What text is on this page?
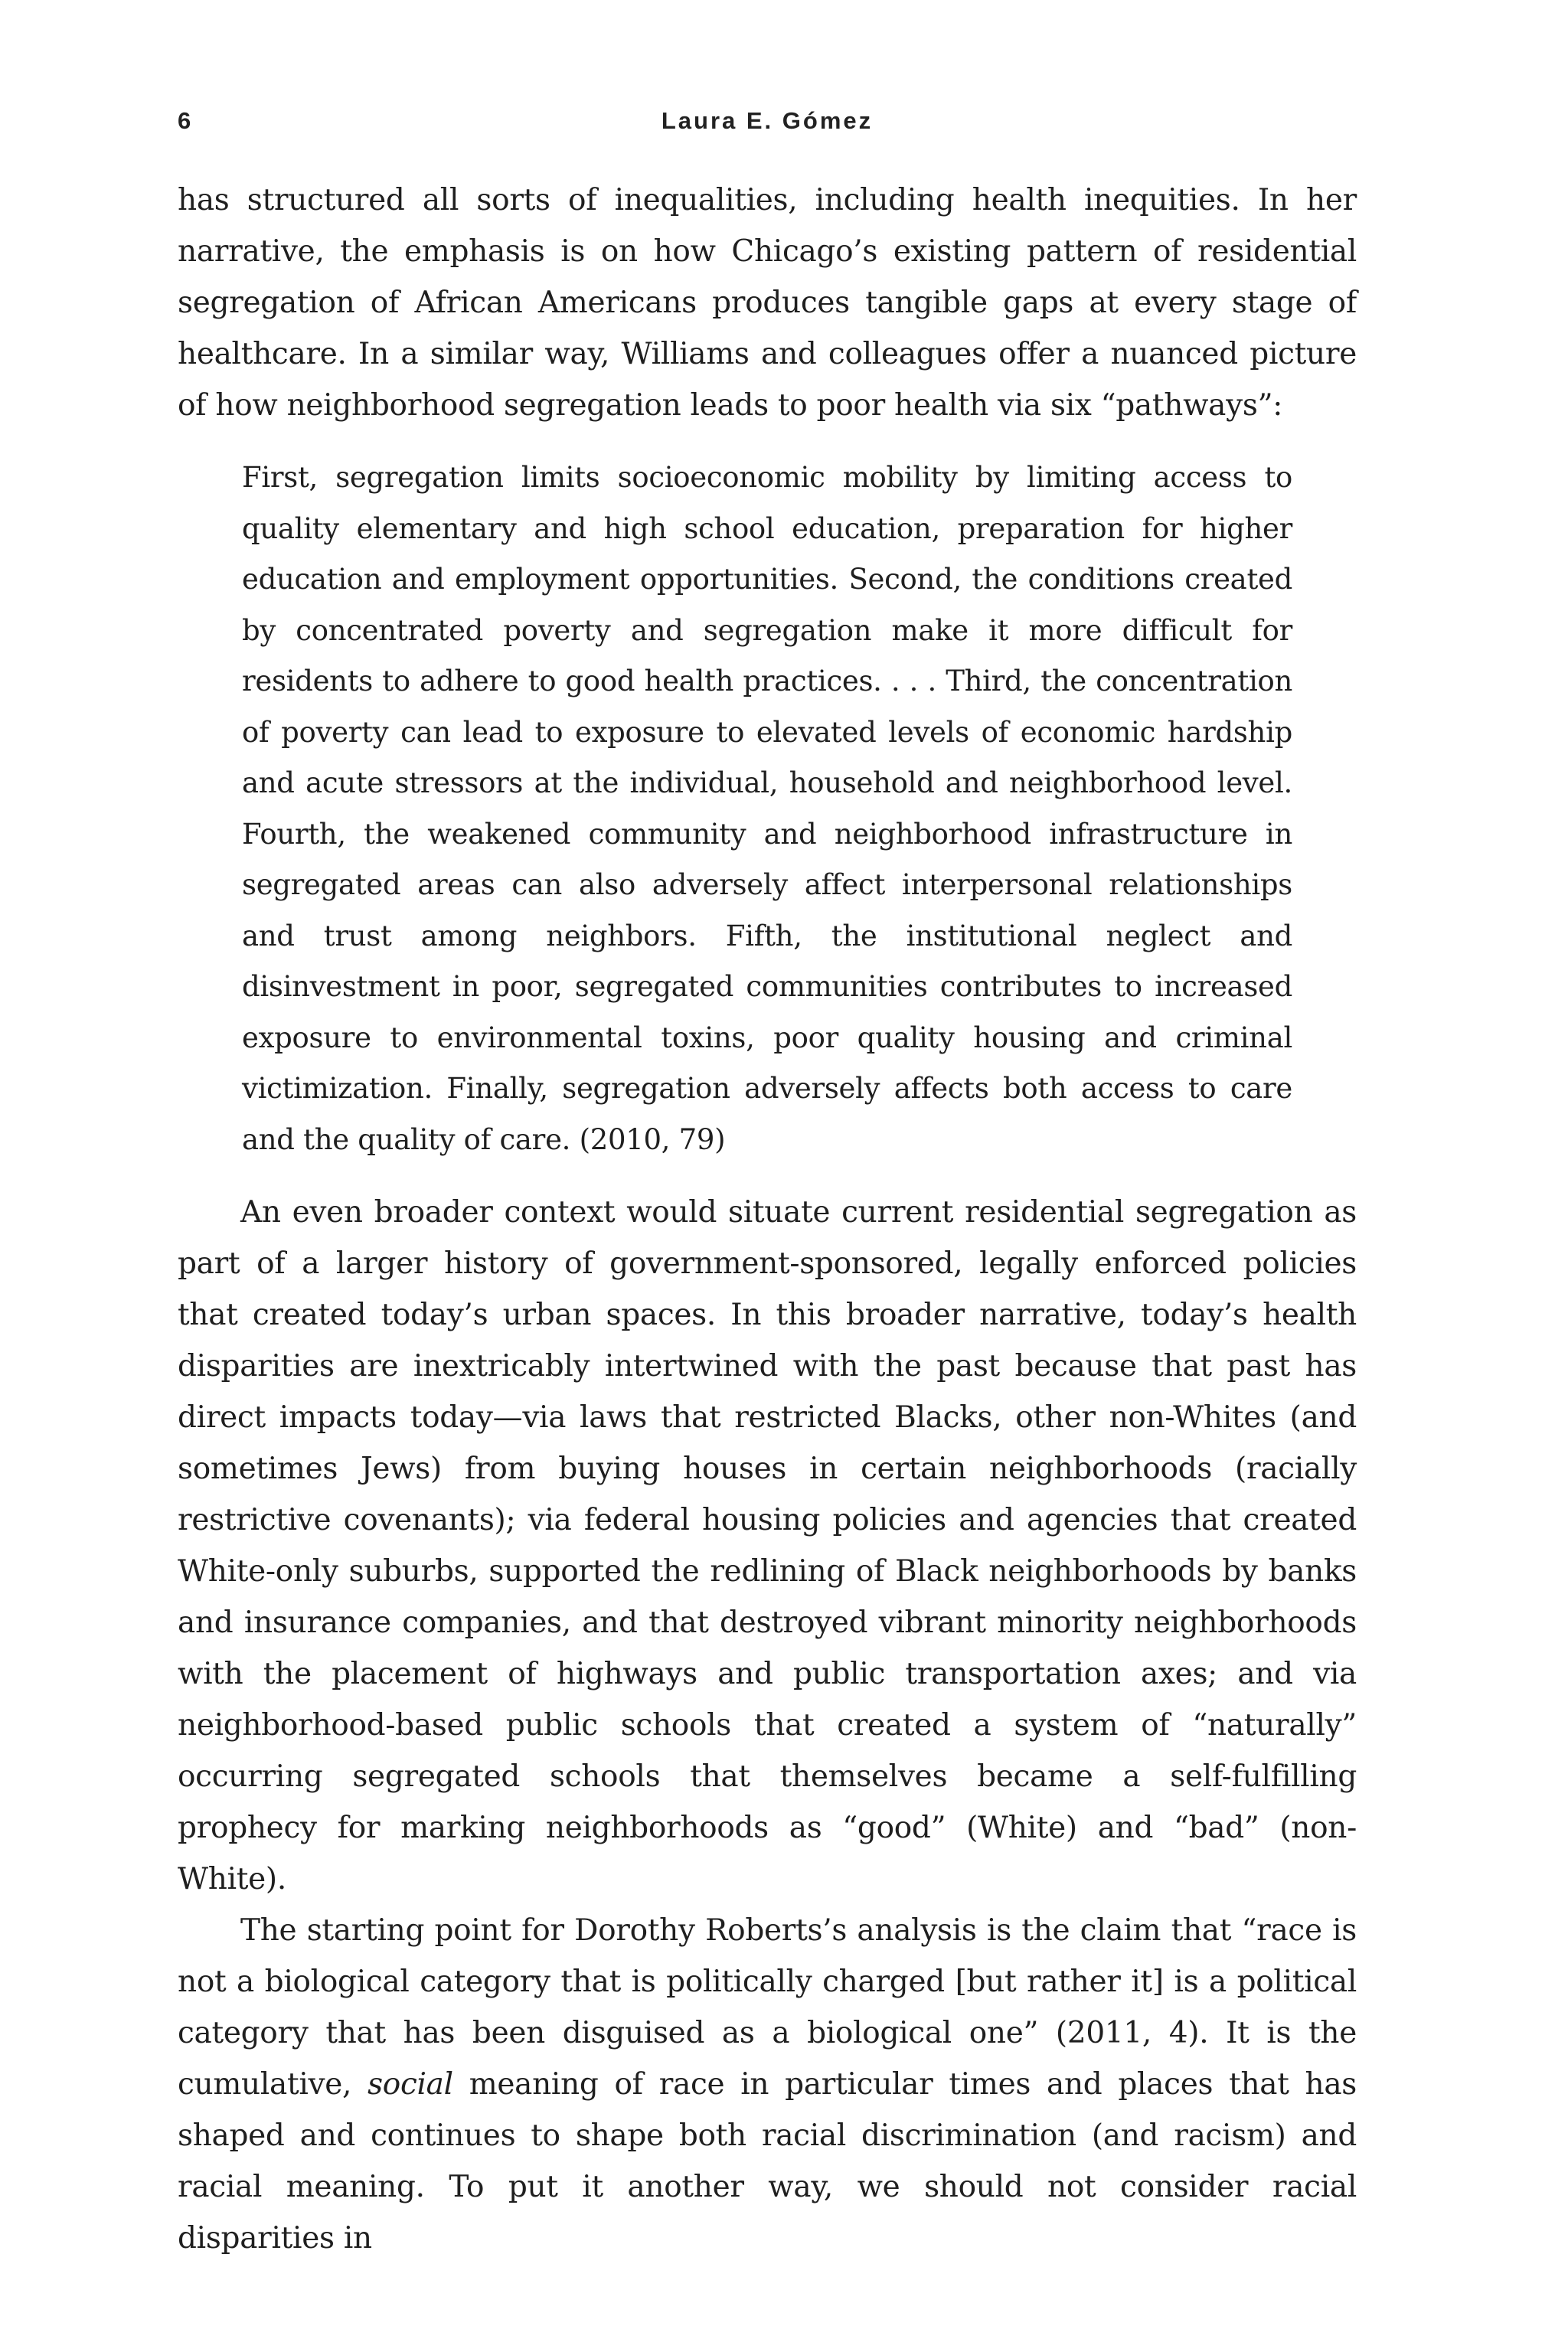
6	Laura E. Gómez

has structured all sorts of inequalities, including health inequities. In her narrative, the emphasis is on how Chicago’s existing pattern of residential segregation of African Americans produces tangible gaps at every stage of healthcare. In a similar way, Williams and colleagues offer a nuanced picture of how neighborhood segregation leads to poor health via six “pathways”:

First, segregation limits socioeconomic mobility by limiting access to quality elementary and high school education, preparation for higher education and employment opportunities. Second, the conditions created by concentrated poverty and segregation make it more difficult for residents to adhere to good health practices. . . . Third, the concentration of poverty can lead to exposure to elevated levels of economic hardship and acute stressors at the individual, household and neighborhood level. Fourth, the weakened community and neighborhood infrastructure in segregated areas can also adversely affect interpersonal relationships and trust among neighbors. Fifth, the institutional neglect and disinvestment in poor, segregated communities contributes to increased exposure to environmental toxins, poor quality housing and criminal victimization. Finally, segregation adversely affects both access to care and the quality of care. (2010, 79)

An even broader context would situate current residential segregation as part of a larger history of government-sponsored, legally enforced policies that created today’s urban spaces. In this broader narrative, today’s health disparities are inextricably intertwined with the past because that past has direct impacts today—via laws that restricted Blacks, other non-Whites (and sometimes Jews) from buying houses in certain neighborhoods (racially restrictive covenants); via federal housing policies and agencies that created White-only suburbs, supported the redlining of Black neighborhoods by banks and insurance companies, and that destroyed vibrant minority neighborhoods with the placement of highways and public transportation axes; and via neighborhood-based public schools that created a system of “naturally” occurring segregated schools that themselves became a self-fulfilling prophecy for marking neighborhoods as “good” (White) and “bad” (non-White).

The starting point for Dorothy Roberts’s analysis is the claim that “race is not a biological category that is politically charged [but rather it] is a political category that has been disguised as a biological one” (2011, 4). It is the cumulative, social meaning of race in particular times and places that has shaped and continues to shape both racial discrimination (and racism) and racial meaning. To put it another way, we should not consider racial disparities in
